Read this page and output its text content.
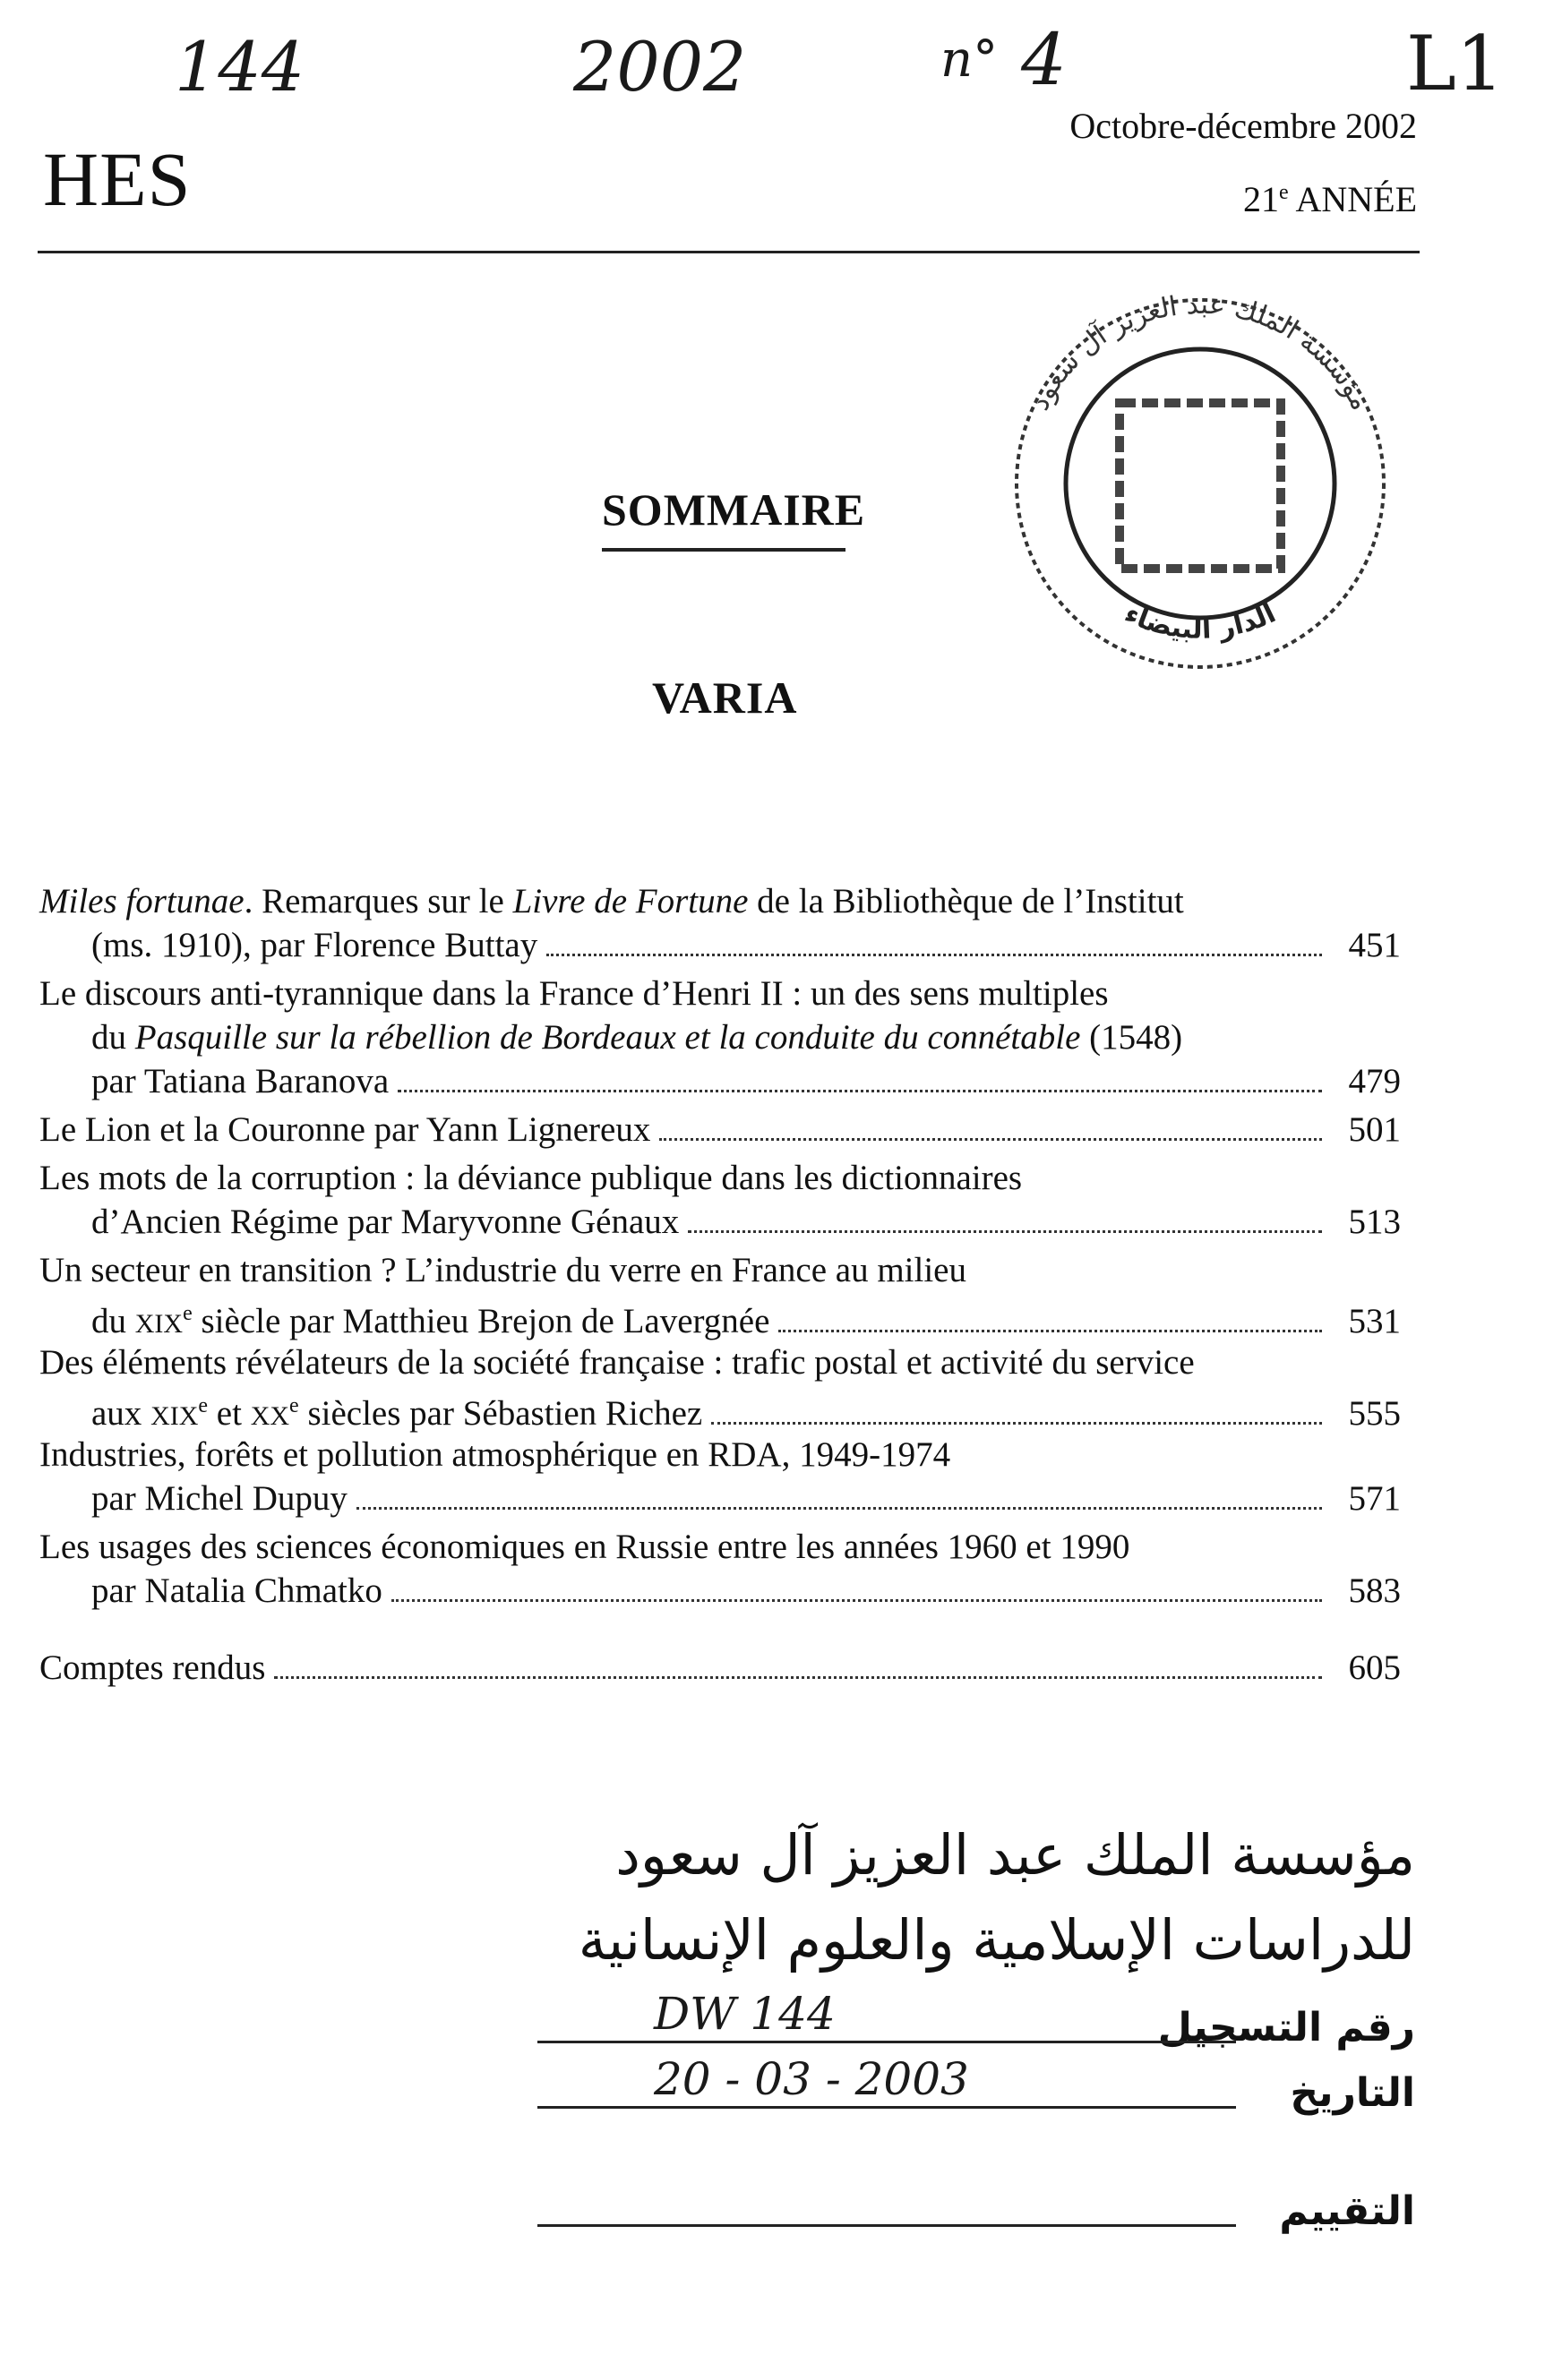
144	2002	n° 4	L1
HES
Octobre-décembre 2002
21e ANNÉE
مؤسسة الملك عبد العزيز آل سعود
الدار البيضاء
SOMMAIRE
VARIA
Miles fortunae. Remarques sur le Livre de Fortune de la Bibliothèque de l’Institut
(ms. 1910), par Florence Buttay	451
Le discours anti-tyrannique dans la France d’Henri II : un des sens multiples
du Pasquille sur la rébellion de Bordeaux et la conduite du connétable (1548)
par Tatiana Baranova	479
Le Lion et la Couronne par Yann Lignereux	501
Les mots de la corruption : la déviance publique dans les dictionnaires
d’Ancien Régime par Maryvonne Génaux	513
Un secteur en transition ? L’industrie du verre en France au milieu
du XIXe siècle par Matthieu Brejon de Lavergnée	531
Des éléments révélateurs de la société française : trafic postal et activité du service
aux XIXe et XXe siècles par Sébastien Richez	555
Industries, forêts et pollution atmosphérique en RDA, 1949-1974
par Michel Dupuy	571
Les usages des sciences économiques en Russie entre les années 1960 et 1990
par Natalia Chmatko	583
Comptes rendus	605
مؤسسة الملك عبد العزيز آل سعود
للدراسات الإسلامية والعلوم الإنسانية
رقم التسجيل
DW 144
التاريخ
20 - 03 - 2003
التقييم
